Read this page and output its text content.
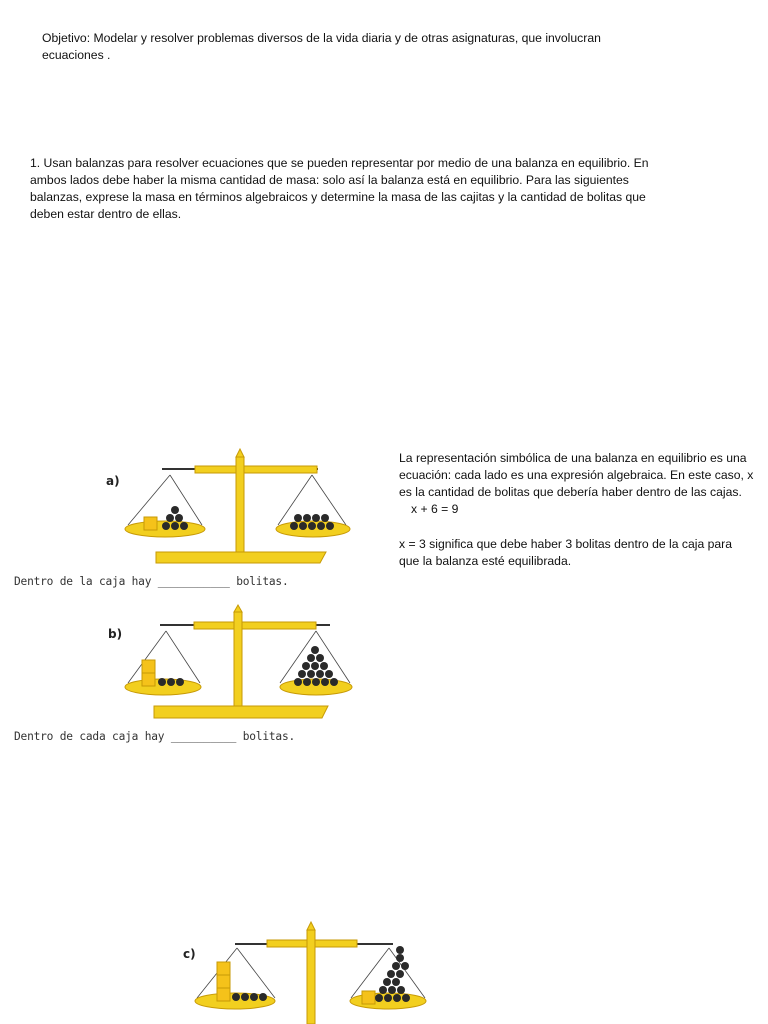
Objetivo: Modelar y resolver problemas diversos de la vida diaria y de otras asignaturas, que involucran
ecuaciones .
1. Usan balanzas para resolver ecuaciones que se pueden representar por medio de una balanza en equilibrio. En
ambos lados debe haber la misma cantidad de masa: solo así la balanza está en equilibrio. Para las siguientes
balanzas, exprese la masa en términos algebraicos y determine la masa de las cajitas y la cantidad de bolitas que
deben estar dentro de ellas.
La representación simbólica de una balanza en equilibrio es una
ecuación: cada lado es una expresión algebraica. En este caso, x
es la cantidad de bolitas que debería haber dentro de las cajas.
x + 6 = 9
x = 3 significa que debe haber 3 bolitas dentro de la caja para
que la balanza esté equilibrada.
a)
Dentro de la caja hay ___________ bolitas.
b)
Dentro de cada caja hay __________ bolitas.
c)
